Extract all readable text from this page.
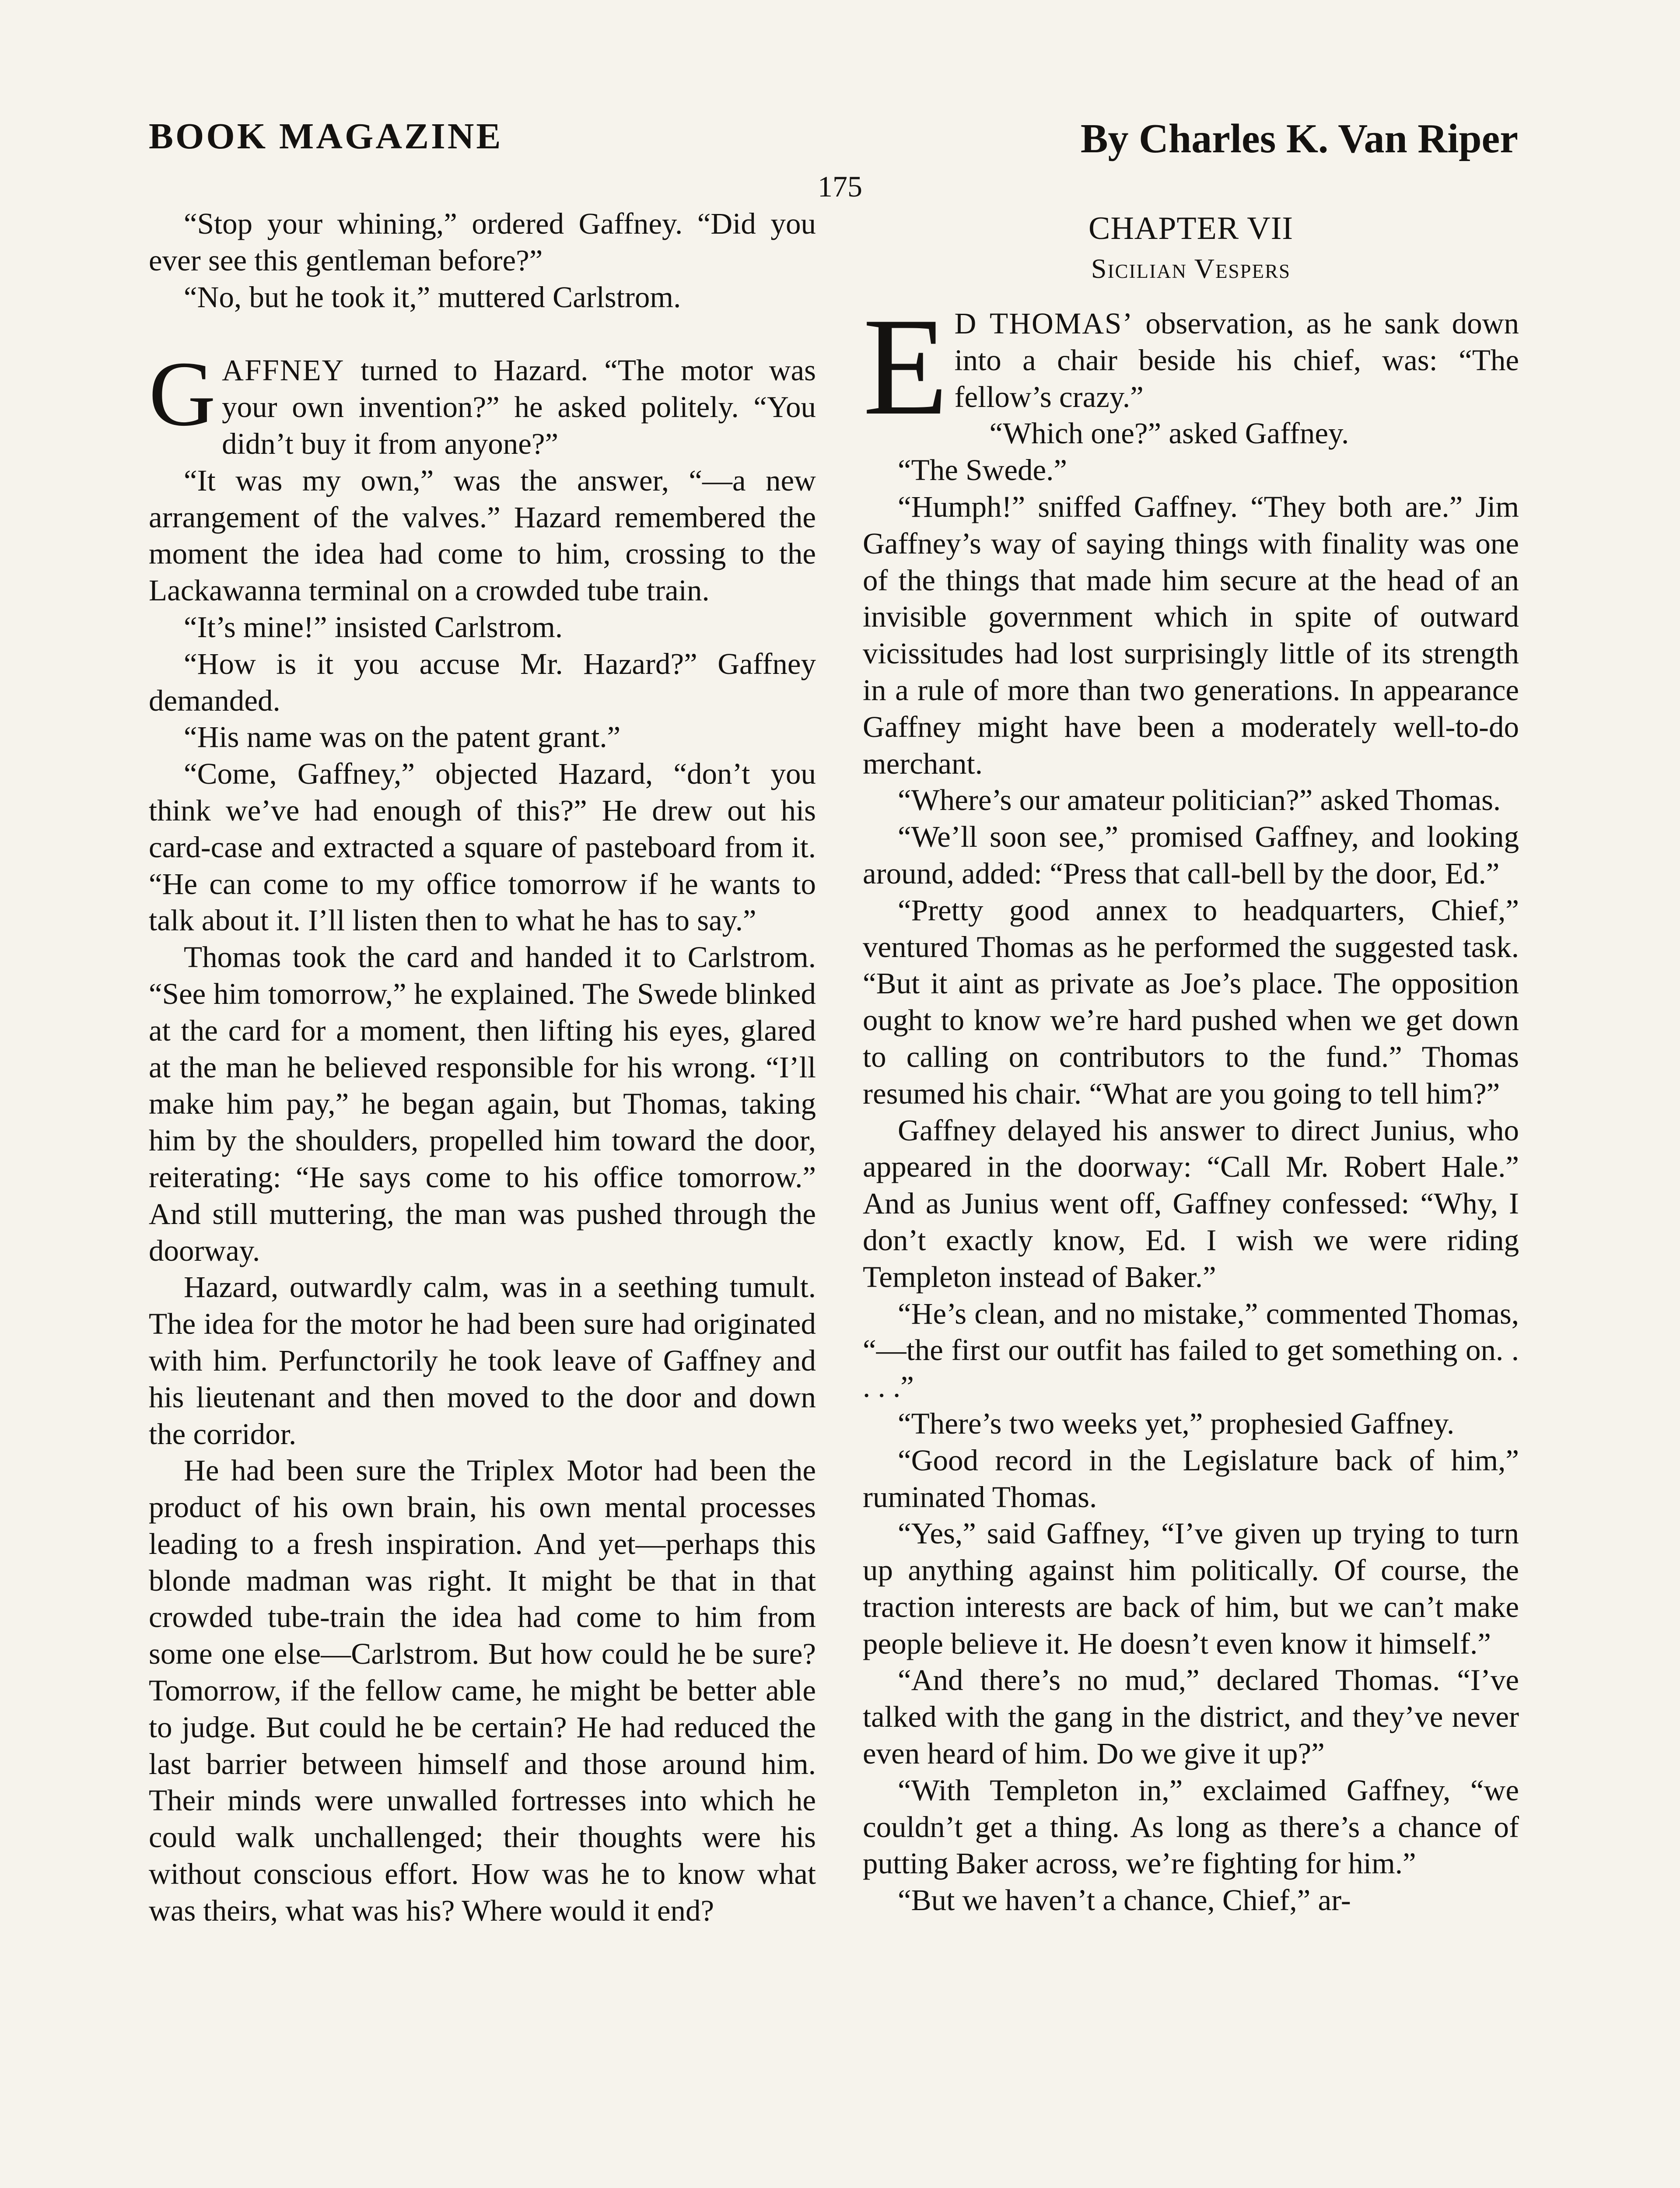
BOOK MAGAZINE	By Charles K. Van Riper
175

“Stop your whining,” ordered Gaffney. “Did you ever see this gentleman before?”

“No, but he took it,” muttered Carlstrom.

GAFFNEY turned to Hazard. “The motor was your own invention?” he asked politely. “You didn’t buy it from anyone?”

“It was my own,” was the answer, “—a new arrangement of the valves.” Hazard remembered the moment the idea had come to him, crossing to the Lackawanna terminal on a crowded tube train.

“It’s mine!” insisted Carlstrom.

“How is it you accuse Mr. Hazard?” Gaffney demanded.

“His name was on the patent grant.”

“Come, Gaffney,” objected Hazard, “don’t you think we’ve had enough of this?” He drew out his card-case and extracted a square of pasteboard from it. “He can come to my office tomorrow if he wants to talk about it. I’ll listen then to what he has to say.”

Thomas took the card and handed it to Carlstrom. “See him tomorrow,” he explained. The Swede blinked at the card for a moment, then lifting his eyes, glared at the man he believed responsible for his wrong. “I’ll make him pay,” he began again, but Thomas, taking him by the shoulders, propelled him toward the door, reiterating: “He says come to his office tomorrow.” And still muttering, the man was pushed through the doorway.

Hazard, outwardly calm, was in a seething tumult. The idea for the motor he had been sure had originated with him. Perfunctorily he took leave of Gaffney and his lieutenant and then moved to the door and down the corridor.

He had been sure the Triplex Motor had been the product of his own brain, his own mental processes leading to a fresh inspiration. And yet—perhaps this blonde madman was right. It might be that in that crowded tube-train the idea had come to him from some one else—Carlstrom. But how could he be sure? Tomorrow, if the fellow came, he might be better able to judge. But could he be certain? He had reduced the last barrier between himself and those around him. Their minds were unwalled fortresses into which he could walk unchallenged; their thoughts were his without conscious effort. How was he to know what was theirs, what was his? Where would it end?

CHAPTER VII
Sicilian Vespers

E D THOMAS’ observation, as he sank down into a chair beside his chief, was: “The fellow’s crazy.”

“Which one?” asked Gaffney.

“The Swede.”

“Humph!” sniffed Gaffney. “They both are.” Jim Gaffney’s way of saying things with finality was one of the things that made him secure at the head of an invisible government which in spite of outward vicissitudes had lost surprisingly little of its strength in a rule of more than two generations. In appearance Gaffney might have been a moderately well-to-do merchant.

“Where’s our amateur politician?” asked Thomas.

“We’ll soon see,” promised Gaffney, and looking around, added: “Press that call-bell by the door, Ed.”

“Pretty good annex to headquarters, Chief,” ventured Thomas as he performed the suggested task. “But it aint as private as Joe’s place. The opposition ought to know we’re hard pushed when we get down to calling on contributors to the fund.” Thomas resumed his chair. “What are you going to tell him?”

Gaffney delayed his answer to direct Junius, who appeared in the doorway: “Call Mr. Robert Hale.” And as Junius went off, Gaffney confessed: “Why, I don’t exactly know, Ed. I wish we were riding Templeton instead of Baker.”

“He’s clean, and no mistake,” commented Thomas, “—the first our outfit has failed to get something on. . . . .”

“There’s two weeks yet,” prophesied Gaffney.

“Good record in the Legislature back of him,” ruminated Thomas.

“Yes,” said Gaffney, “I’ve given up trying to turn up anything against him politically. Of course, the traction interests are back of him, but we can’t make people believe it. He doesn’t even know it himself.”

“And there’s no mud,” declared Thomas. “I’ve talked with the gang in the district, and they’ve never even heard of him. Do we give it up?”

“With Templeton in,” exclaimed Gaffney, “we couldn’t get a thing. As long as there’s a chance of putting Baker across, we’re fighting for him.”

“But we haven’t a chance, Chief,” ar-
